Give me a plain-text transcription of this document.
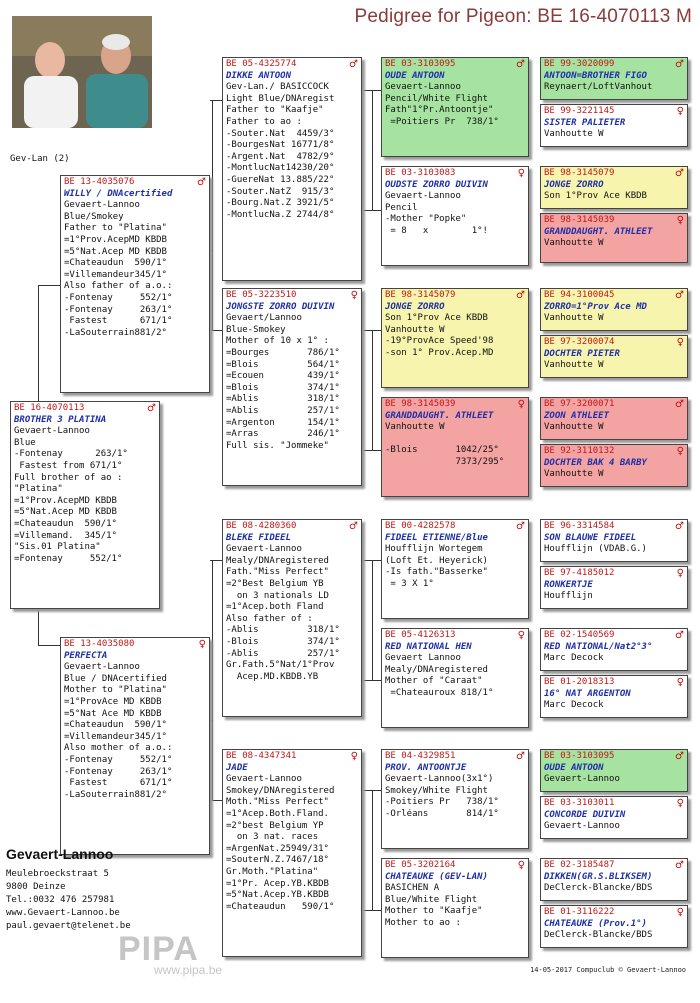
Pedigree for Pigeon: BE 16-4070113 M
Gev-Lan (2)
BE 16-4070113	♂
BROTHER 3 PLATINA
Gevaert-Lannoo
Blue
-Fontenay      263/1°
Fastest from 671/1°
Full brother of ao :
"Platina"
=1°Prov.AcepMD KBDB
=5°Nat.Acep MD KBDB
=Chateaudun  590/1°
=Villemand.  345/1°
"Sis.01 Platina"
=Fontenay     552/1°
BE 13-4035076	♂
WILLY / DNAcertified
Gevaert-Lannoo
Blue/Smokey
Father to "Platina"
=1°Prov.AcepMD KBDB
=5°Nat.Acep MD KBDB
=Chateaudun  590/1°
=Villemandeur345/1°
Also father of a.o.:
-Fontenay     552/1°
-Fontenay     263/1°
Fastest      671/1°
-LaSouterrain881/2°
BE 13-4035080	♀
PERFECTA
Gevaert-Lannoo
Blue / DNAcertified
Mother to "Platina"
=1°ProvAce MD KBDB
=5°Nat Ace MD KBDB
=Chateaudun  590/1°
=Villemandeur345/1°
Also mother of a.o.:
-Fontenay     552/1°
-Fontenay     263/1°
Fastest      671/1°
-LaSouterrain881/2°
BE 05-4325774	♂
DIKKE ANTOON
Gev-Lan./ BASICCOCK
Light Blue/DNAregist
Father to "Kaafje"
Father to ao :
-Souter.Nat  4459/3°
-BourgesNat 16771/8°
-Argent.Nat  4782/9°
-MontlucNat14230/20°
-GuereNat 13.885/22°
-Souter.NatZ  915/3°
-Bourg.Nat.Z 3921/5°
-MontlucNa.Z 2744/8°
BE 05-3223510	♀
JONGSTE ZORRO DUIVIN
Gevaert/Lannoo
Blue-Smokey
Mother of 10 x 1° :
=Bourges       786/1°
=Blois         564/1°
=Ecouen        439/1°
=Blois         374/1°
=Ablis         318/1°
=Ablis         257/1°
=Argenton      154/1°
=Arras         246/1°
Full sis. "Jommeke"
BE 08-4280360	♂
BLEKE FIDEEL
Gevaert-Lannoo
Mealy/DNAregistered
Fath."Miss Perfect"
=2°Best Belgium YB
on 3 nationals LD
=1°Acep.both Fland
Also father of :
-Ablis         318/1°
-Blois         374/1°
-Ablis         257/1°
Gr.Fath.5°Nat/1°Prov
Acep.MD.KBDB.YB
BE 08-4347341	♀
JADE
Gevaert-Lannoo
Smokey/DNAregistered
Moth."Miss Perfect"
=1°Acep.Both.Fland.
=2°best Belgium YP
on 3 nat. races
=ArgenNat.25949/31°
=SouterN.Z.7467/18°
Gr.Moth."Platina"
=1°Pr. Acep.YB.KBDB
=5°Nat.Acep.YB.KBDB
=Chateaudun   590/1°
BE 03-3103095	♂
OUDE ANTOON
Gevaert-Lannoo
Pencil/White Flight
Fath"1°Pr.Antoontje"
=Poitiers Pr  738/1°
BE 03-3103083	♀
OUDSTE ZORRO DUIVIN
Gevaert-Lannoo
Pencil
-Mother "Popke"
= 8   x        1°!
BE 98-3145079	♂
JONGE ZORRO
Son 1°Prov Ace KBDB
Vanhoutte W
-19°ProvAce Speed'98
-son 1° Prov.Acep.MD
BE 98-3145039	♀
GRANDDAUGHT. ATHLEET
Vanhoutte W

-Blois       1042/25°
7373/295°
BE 00-4282578	♂
FIDEEL ETIENNE/Blue
Houfflijn Wortegem
(Loft Et. Heyerick)
-Is fath."Basserke"
= 3 X 1°
BE 05-4126313	♀
RED NATIONAL HEN
Gevaert Lannoo
Mealy/DNAregistered
Mother of "Caraat"
=Chateauroux 818/1°
BE 04-4329851	♂
PROV. ANTOONTJE
Gevaert-Lannoo(3x1°)
Smokey/White Flight
-Poitiers Pr   738/1°
-Orléans       814/1°
BE 05-3202164	♀
CHATEAUKE (GEV-LAN)
BASICHEN A
Blue/White Flight
Mother to "Kaafje"
Mother to ao :
BE 99-3020099	♂
ANTOON=BROTHER FIGO
Reynaert/LoftVanhout
BE 99-3221145	♀
SISTER PALIETER
Vanhoutte W
BE 98-3145079	♂
JONGE ZORRO
Son 1°Prov Ace KBDB
BE 98-3145039	♀
GRANDDAUGHT. ATHLEET
Vanhoutte W
BE 94-3100045	♂
ZORRO=1°Prov Ace MD
Vanhoutte W
BE 97-3200074	♀
DOCHTER PIETER
Vanhoutte W
BE 97-3200071	♂
ZOON ATHLEET
Vanhoutte W
BE 92-3110132	♀
DOCHTER BAK 4 BARBY
Vanhoutte W
BE 96-3314584	♂
SON BLAUWE FIDEEL
Houfflijn (VDAB.G.)
BE 97-4185012	♀
RONKERTJE
Houfflijn
BE 02-1540569	♂
RED NATIONAL/Nat2°3°
Marc Decock
BE 01-2018313	♀
16° NAT ARGENTON
Marc Decock
BE 03-3103095	♂
OUDE ANTOON
Gevaert-Lannoo
BE 03-3103011	♀
CONCORDE DUIVIN
Gevaert-Lannoo
BE 02-3185487	♂
DIKKEN(GR.S.BLIKSEM)
DeClerck-Blancke/BDS
BE 01-3116222	♀
CHATEAUKE (Prov.1°)
DeClerck-Blancke/BDS
Gevaert-Lannoo
Meulebroeckstraat 5
9800 Deinze
Tel.:0032 476 257981
www.Gevaert-Lannoo.be
paul.gevaert@telenet.be
PIPA
www.pipa.be	14-05-2017 Compuclub © Gevaert-Lannoo
